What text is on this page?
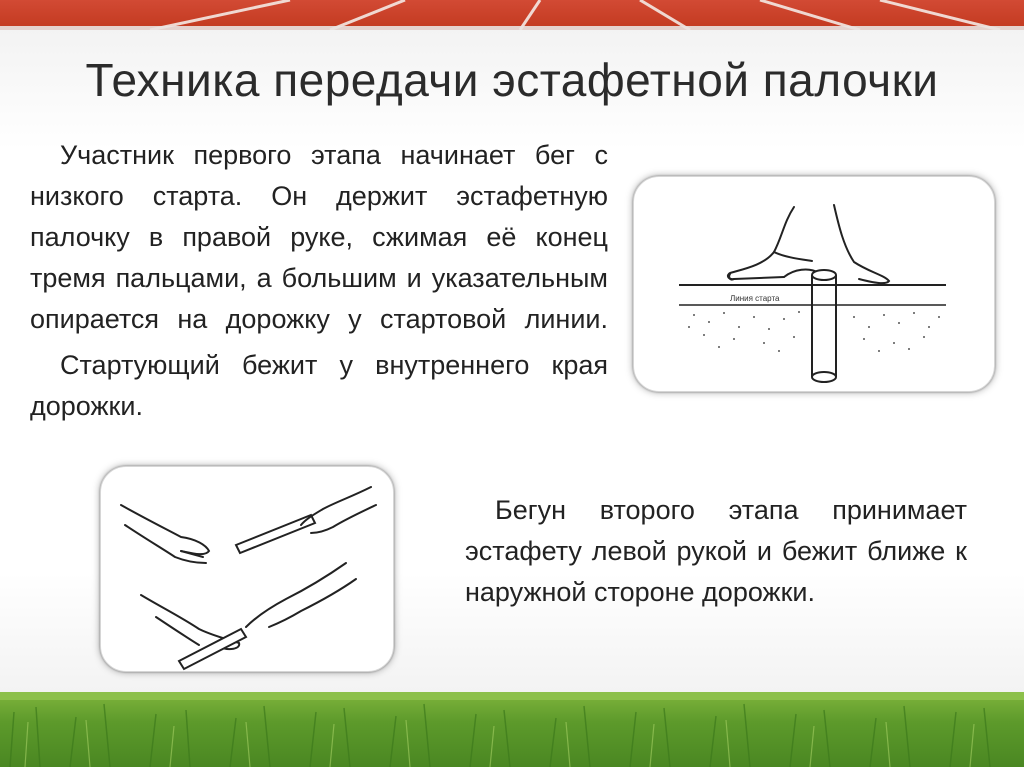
Техника передачи эстафетной палочки

Участник первого этапа начинает бег с низкого старта. Он держит эстафетную палочку в правой руке, сжимая её конец тремя пальцами, а большим и указательным опирается на дорожку у стартовой линии.

Стартующий бежит у внутреннего края дорожки.

Линия старта

Бегун второго этапа принимает эстафету левой рукой и бежит ближе к наружной стороне дорожки.
